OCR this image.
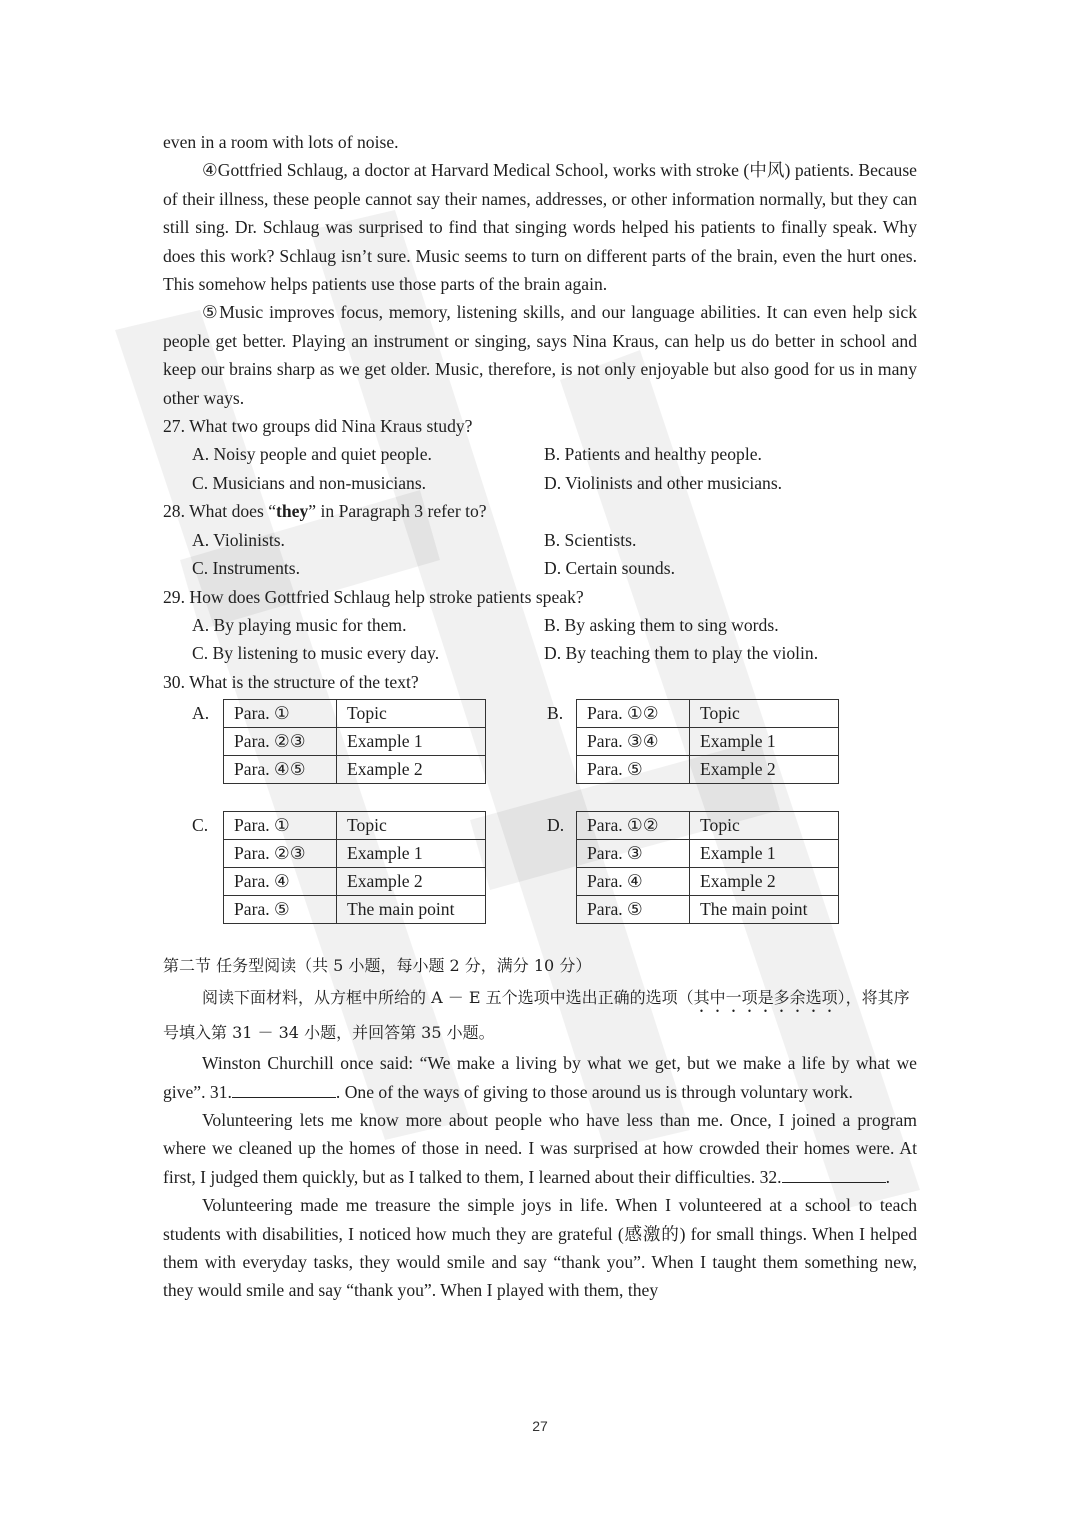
even in a room with lots of noise.

④Gottfried Schlaug, a doctor at Harvard Medical School, works with stroke (中风) patients. Because of their illness, these people cannot say their names, addresses, or other information normally, but they can still sing. Dr. Schlaug was surprised to find that singing words helped his patients to finally speak. Why does this work? Schlaug isn’t sure. Music seems to turn on different parts of the brain, even the hurt ones. This somehow helps patients use those parts of the brain again.

⑤Music improves focus, memory, listening skills, and our language abilities. It can even help sick people get better. Playing an instrument or singing, says Nina Kraus, can help us do better in school and keep our brains sharp as we get older. Music, therefore, is not only enjoyable but also good for us in many other ways.

27. What two groups did Nina Kraus study?

A. Noisy people and quiet people.	B. Patients and healthy people.
C. Musicians and non-musicians.	D. Violinists and other musicians.

28. What does “they” in Paragraph 3 refer to?

A. Violinists.	B. Scientists.
C. Instruments.	D. Certain sounds.

29. How does Gottfried Schlaug help stroke patients speak?

A. By playing music for them.	B. By asking them to sing words.
C. By listening to music every day.	D. By teaching them to play the violin.

30. What is the structure of the text?

A.	Para. ①	Topic
Para. ②③	Example 1
Para. ④⑤	Example 2
B.	Para. ①②	Topic
Para. ③④	Example 1
Para. ⑤	Example 2
C.	Para. ①	Topic
Para. ②③	Example 1
Para. ④	Example 2
Para. ⑤	The main point
D.	Para. ①②	Topic
Para. ③	Example 1
Para. ④	Example 2
Para. ⑤	The main point

第二节 任务型阅读（共 5 小题，每小题 2 分，满分 10 分）

阅读下面材料，从方框中所给的 A － E 五个选项中选出正确的选项（其中一项是多余选项），将其序号填入第 31 － 34 小题，并回答第 35 小题。

Winston Churchill once said: “We make a living by what we get, but we make a life by what we give”. 31.	. One of the ways of giving to those around us is through voluntary work.

Volunteering lets me know more about people who have less than me. Once, I joined a program where we cleaned up the homes of those in need. I was surprised at how crowded their homes were. At first, I judged them quickly, but as I talked to them, I learned about their difficulties. 32.	.

Volunteering made me treasure the simple joys in life. When I volunteered at a school to teach students with disabilities, I noticed how much they are grateful (感激的) for small things. When I helped them with everyday tasks, they would smile and say “thank you”. When I taught them something new, they would smile and say “thank you”. When I played with them, they

27
